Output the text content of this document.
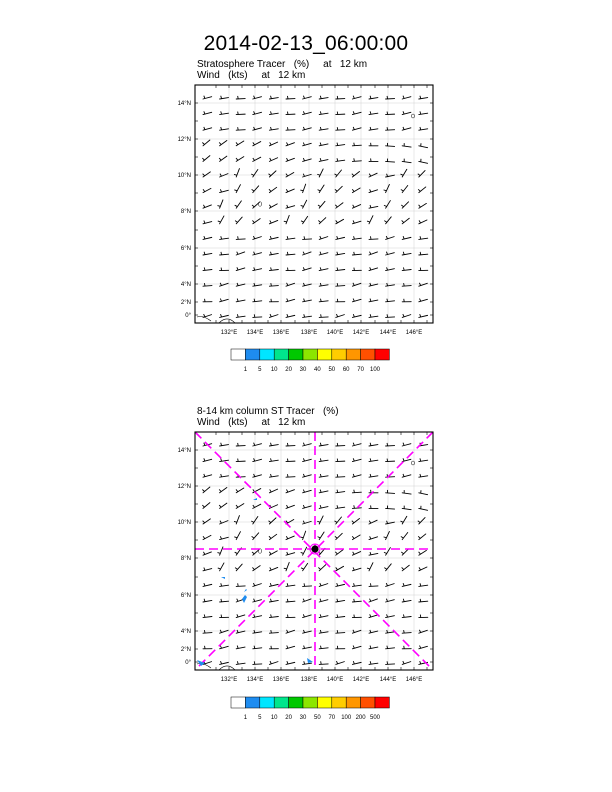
2014-02-13_06:00:00
Stratosphere Tracer   (%)     at   12 km
Wind   (kts)     at   12 km
14°N
12°N
10°N
8°N
6°N
4°N
2°N
0°
132°E 134°E 136°E 138°E 140°E 142°E 144°E 146°E
1 5 10 20 30 40 50 60 70 100
8-14 km column ST Tracer   (%)
Wind   (kts)     at   12 km
14°N
12°N
10°N
8°N
6°N
4°N
2°N
0°
132°E 134°E 136°E 138°E 140°E 142°E 144°E 146°E
1 5 10 20 30 50 70 100 200 500
